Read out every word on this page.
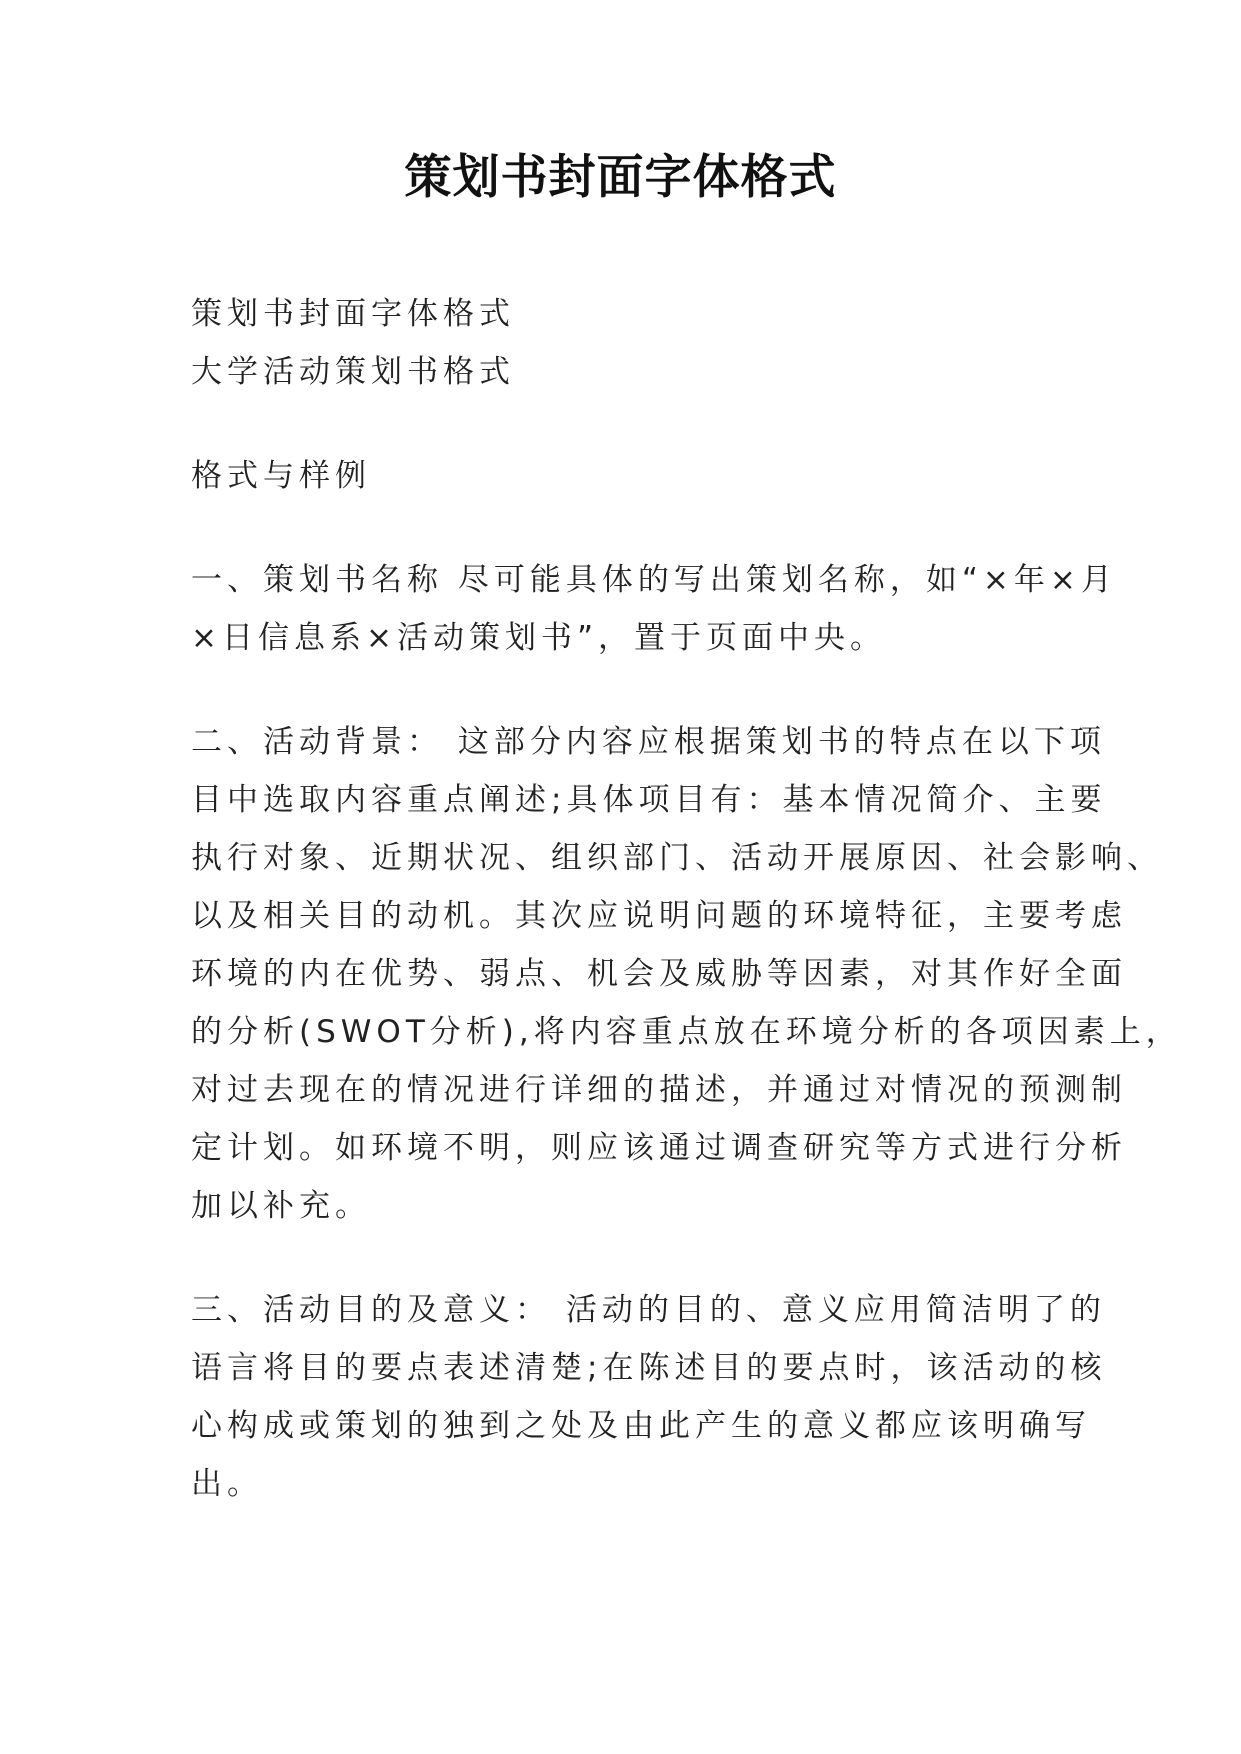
策划书封面字体格式
策划书封面字体格式
大学活动策划书格式
格式与样例
一、策划书名称 尽可能具体的写出策划名称，如“×年×月
×日信息系×活动策划书”，置于页面中央。
二、活动背景： 这部分内容应根据策划书的特点在以下项
目中选取内容重点阐述;具体项目有：基本情况简介、主要
执行对象、近期状况、组织部门、活动开展原因、社会影响、
以及相关目的动机。其次应说明问题的环境特征，主要考虑
环境的内在优势、弱点、机会及威胁等因素，对其作好全面
的分析(SWOT分析),将内容重点放在环境分析的各项因素上，
对过去现在的情况进行详细的描述，并通过对情况的预测制
定计划。如环境不明，则应该通过调查研究等方式进行分析
加以补充。
三、活动目的及意义： 活动的目的、意义应用简洁明了的
语言将目的要点表述清楚;在陈述目的要点时，该活动的核
心构成或策划的独到之处及由此产生的意义都应该明确写
出。
